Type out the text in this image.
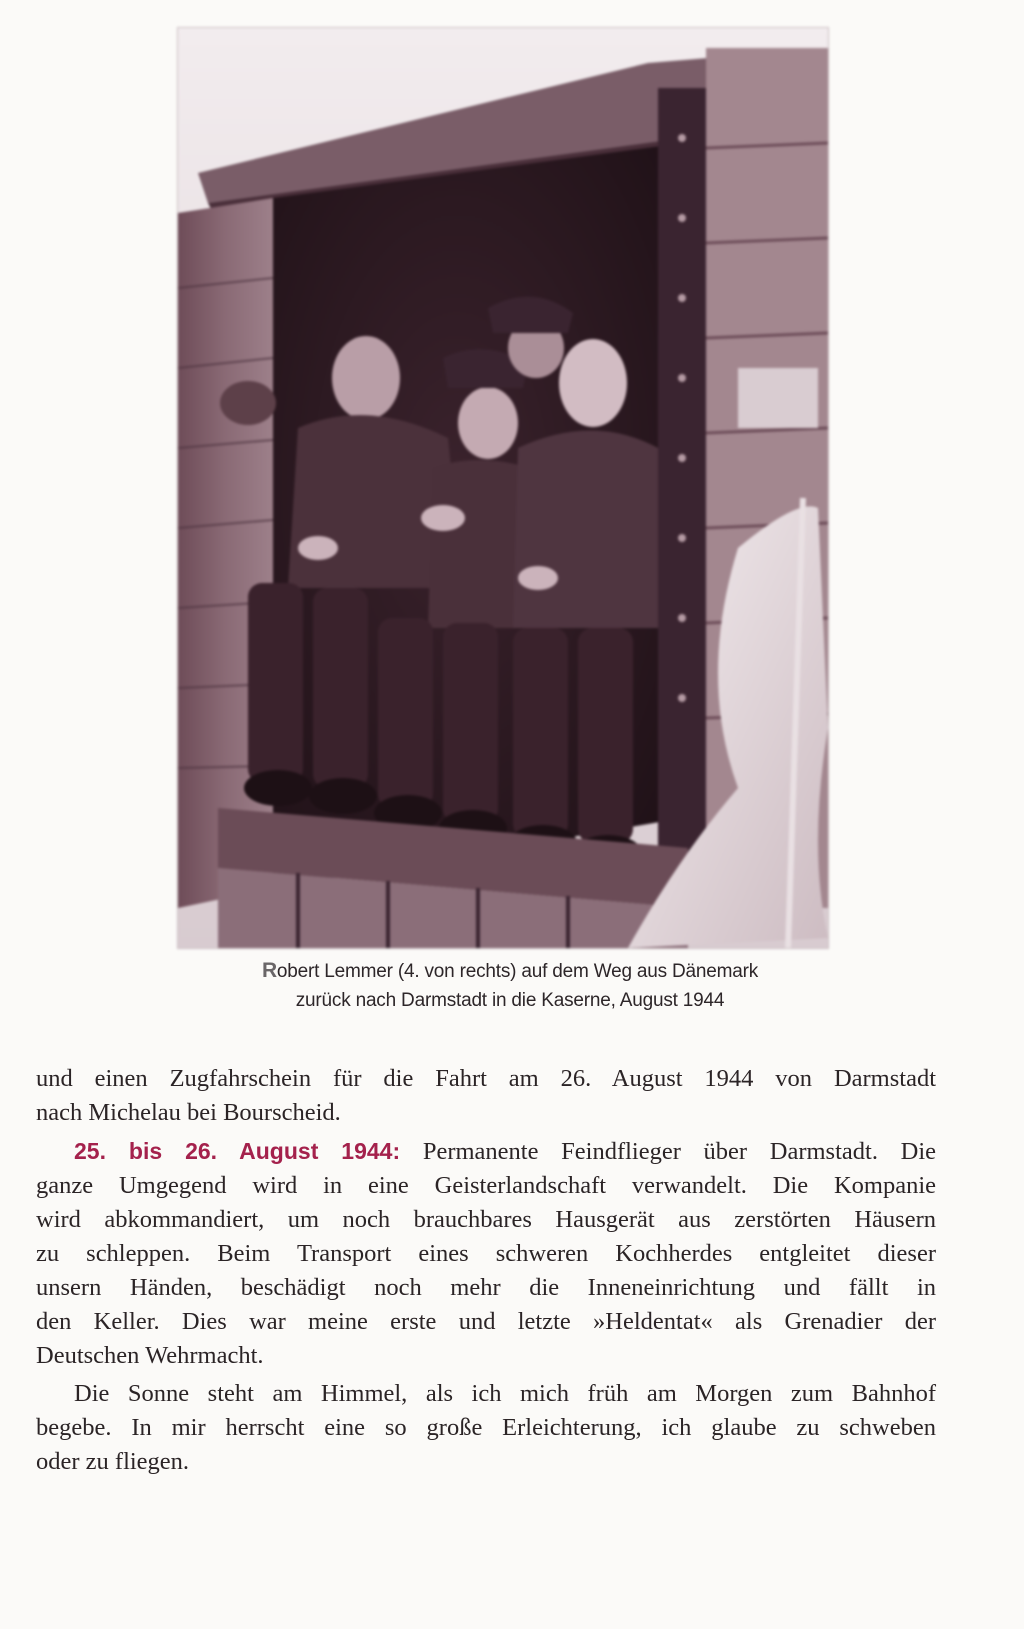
Robert Lemmer (4. von rechts) auf dem Weg aus Dänemark
zurück nach Darmstadt in die Kaserne, August 1944

und einen Zugfahrschein für die Fahrt am 26. August 1944 von Darmstadt
nach Michelau bei Bourscheid.

25. bis 26. August 1944: Permanente Feindflieger über Darmstadt. Die
ganze Umgegend wird in eine Geisterlandschaft verwandelt. Die Kompanie
wird abkommandiert, um noch brauchbares Hausgerät aus zerstörten Häusern
zu schleppen. Beim Transport eines schweren Kochherdes entgleitet dieser
unsern Händen, beschädigt noch mehr die Inneneinrichtung und fällt in
den Keller. Dies war meine erste und letzte »Heldentat« als Grenadier der
Deutschen Wehrmacht.

Die Sonne steht am Himmel, als ich mich früh am Morgen zum Bahnhof
begebe. In mir herrscht eine so große Erleichterung, ich glaube zu schweben
oder zu fliegen.
